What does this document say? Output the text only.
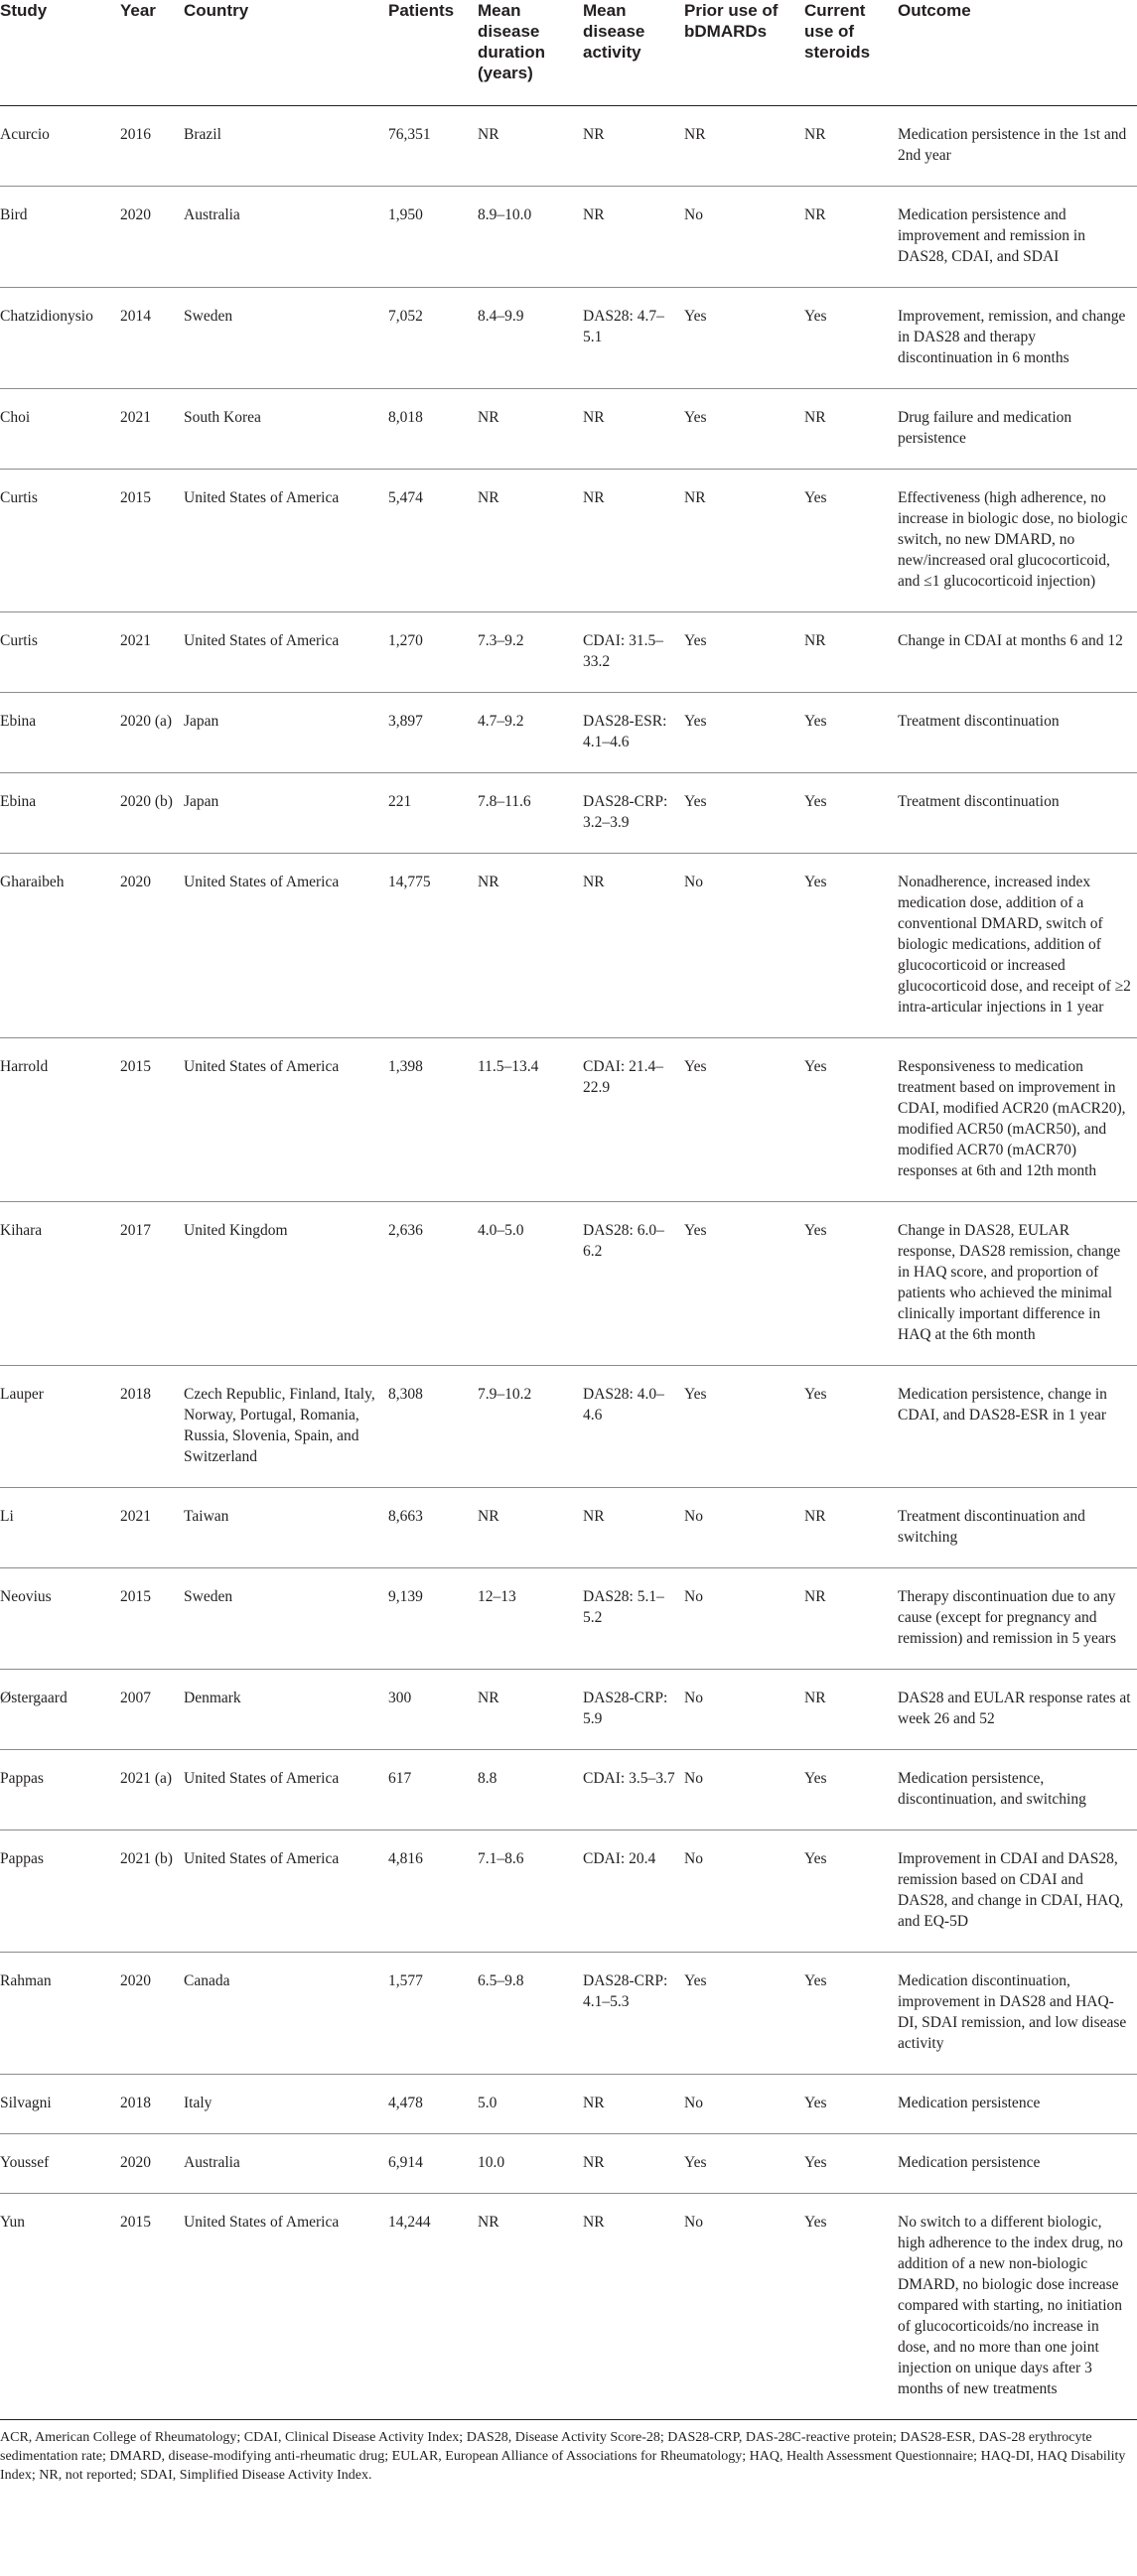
Study	Year	Country	Patients	Mean disease duration (years)	Mean disease activity	Prior use of bDMARDs	Current use of steroids	Outcome
Acurcio	2016	Brazil	76,351	NR	NR	NR	NR	Medication persistence in the 1st and 2nd year
Bird	2020	Australia	1,950	8.9–10.0	NR	No	NR	Medication persistence and improvement and remission in DAS28, CDAI, and SDAI
Chatzidionysio	2014	Sweden	7,052	8.4–9.9	DAS28: 4.7–5.1	Yes	Yes	Improvement, remission, and change in DAS28 and therapy discontinuation in 6 months
Choi	2021	South Korea	8,018	NR	NR	Yes	NR	Drug failure and medication persistence
Curtis	2015	United States of America	5,474	NR	NR	NR	Yes	Effectiveness (high adherence, no increase in biologic dose, no biologic switch, no new DMARD, no new/increased oral glucocorticoid, and ≤1 glucocorticoid injection)
Curtis	2021	United States of America	1,270	7.3–9.2	CDAI: 31.5–33.2	Yes	NR	Change in CDAI at months 6 and 12
Ebina	2020 (a)	Japan	3,897	4.7–9.2	DAS28-ESR: 4.1–4.6	Yes	Yes	Treatment discontinuation
Ebina	2020 (b)	Japan	221	7.8–11.6	DAS28-CRP: 3.2–3.9	Yes	Yes	Treatment discontinuation
Gharaibeh	2020	United States of America	14,775	NR	NR	No	Yes	Nonadherence, increased index medication dose, addition of a conventional DMARD, switch of biologic medications, addition of glucocorticoid or increased glucocorticoid dose, and receipt of ≥2 intra-articular injections in 1 year
Harrold	2015	United States of America	1,398	11.5–13.4	CDAI: 21.4–22.9	Yes	Yes	Responsiveness to medication treatment based on improvement in CDAI, modified ACR20 (mACR20), modified ACR50 (mACR50), and modified ACR70 (mACR70) responses at 6th and 12th month
Kihara	2017	United Kingdom	2,636	4.0–5.0	DAS28: 6.0–6.2	Yes	Yes	Change in DAS28, EULAR response, DAS28 remission, change in HAQ score, and proportion of patients who achieved the minimal clinically important difference in HAQ at the 6th month
Lauper	2018	Czech Republic, Finland, Italy, Norway, Portugal, Romania, Russia, Slovenia, Spain, and Switzerland	8,308	7.9–10.2	DAS28: 4.0–4.6	Yes	Yes	Medication persistence, change in CDAI, and DAS28-ESR in 1 year
Li	2021	Taiwan	8,663	NR	NR	No	NR	Treatment discontinuation and switching
Neovius	2015	Sweden	9,139	12–13	DAS28: 5.1–5.2	No	NR	Therapy discontinuation due to any cause (except for pregnancy and remission) and remission in 5 years
Østergaard	2007	Denmark	300	NR	DAS28-CRP: 5.9	No	NR	DAS28 and EULAR response rates at week 26 and 52
Pappas	2021 (a)	United States of America	617	8.8	CDAI: 3.5–3.7	No	Yes	Medication persistence, discontinuation, and switching
Pappas	2021 (b)	United States of America	4,816	7.1–8.6	CDAI: 20.4	No	Yes	Improvement in CDAI and DAS28, remission based on CDAI and DAS28, and change in CDAI, HAQ, and EQ-5D
Rahman	2020	Canada	1,577	6.5–9.8	DAS28-CRP: 4.1–5.3	Yes	Yes	Medication discontinuation, improvement in DAS28 and HAQ-DI, SDAI remission, and low disease activity
Silvagni	2018	Italy	4,478	5.0	NR	No	Yes	Medication persistence
Youssef	2020	Australia	6,914	10.0	NR	Yes	Yes	Medication persistence
Yun	2015	United States of America	14,244	NR	NR	No	Yes	No switch to a different biologic, high adherence to the index drug, no addition of a new non-biologic DMARD, no biologic dose increase compared with starting, no initiation of glucocorticoids/no increase in dose, and no more than one joint injection on unique days after 3 months of new treatments
ACR, American College of Rheumatology; CDAI, Clinical Disease Activity Index; DAS28, Disease Activity Score-28; DAS28-CRP, DAS-28C-reactive protein; DAS28-ESR, DAS-28 erythrocyte sedimentation rate; DMARD, disease-modifying anti-rheumatic drug; EULAR, European Alliance of Associations for Rheumatology; HAQ, Health Assessment Questionnaire; HAQ-DI, HAQ Disability Index; NR, not reported; SDAI, Simplified Disease Activity Index.
